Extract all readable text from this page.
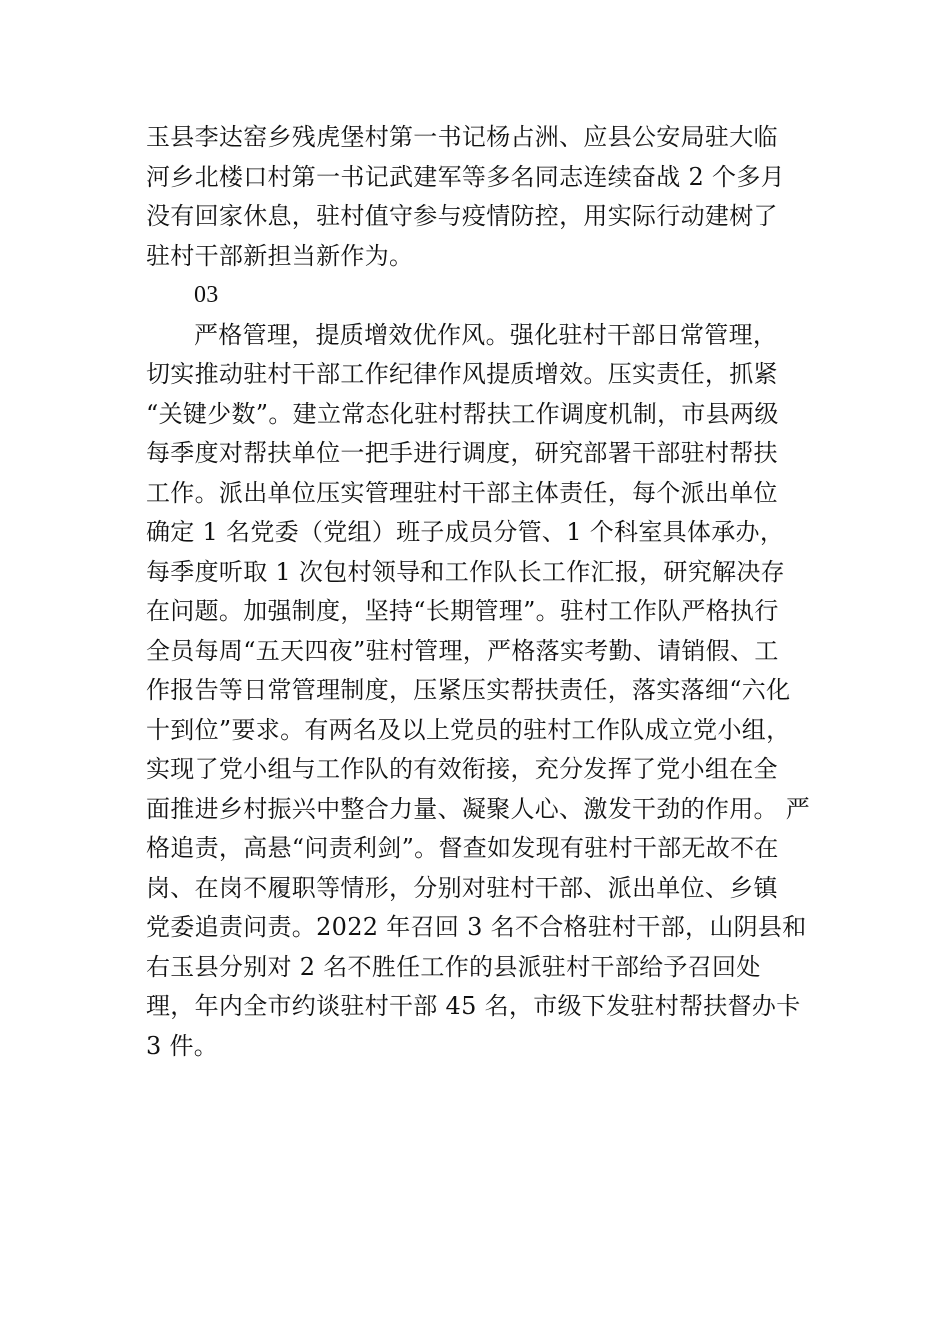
玉县李达窑乡残虎堡村第一书记杨占洲、应县公安局驻大临
河乡北楼口村第一书记武建军等多名同志连续奋战 2 个多月
没有回家休息，驻村值守参与疫情防控，用实际行动建树了
驻村干部新担当新作为。
03
严格管理，提质增效优作风。强化驻村干部日常管理，
切实推动驻村干部工作纪律作风提质增效。压实责任，抓紧
“关键少数”。建立常态化驻村帮扶工作调度机制，市县两级
每季度对帮扶单位一把手进行调度，研究部署干部驻村帮扶
工作。派出单位压实管理驻村干部主体责任，每个派出单位
确定 1 名党委（党组）班子成员分管、1 个科室具体承办，
每季度听取 1 次包村领导和工作队长工作汇报，研究解决存
在问题。加强制度，坚持“长期管理”。驻村工作队严格执行
全员每周“五天四夜”驻村管理，严格落实考勤、请销假、工
作报告等日常管理制度，压紧压实帮扶责任，落实落细“六化
十到位”要求。有两名及以上党员的驻村工作队成立党小组，
实现了党小组与工作队的有效衔接，充分发挥了党小组在全
面推进乡村振兴中整合力量、凝聚人心、激发干劲的作用。 严
格追责，高悬“问责利剑”。督查如发现有驻村干部无故不在
岗、在岗不履职等情形，分别对驻村干部、派出单位、乡镇
党委追责问责。2022 年召回 3 名不合格驻村干部，山阴县和
右玉县分别对 2 名不胜任工作的县派驻村干部给予召回处
理，年内全市约谈驻村干部 45 名，市级下发驻村帮扶督办卡
3 件。
